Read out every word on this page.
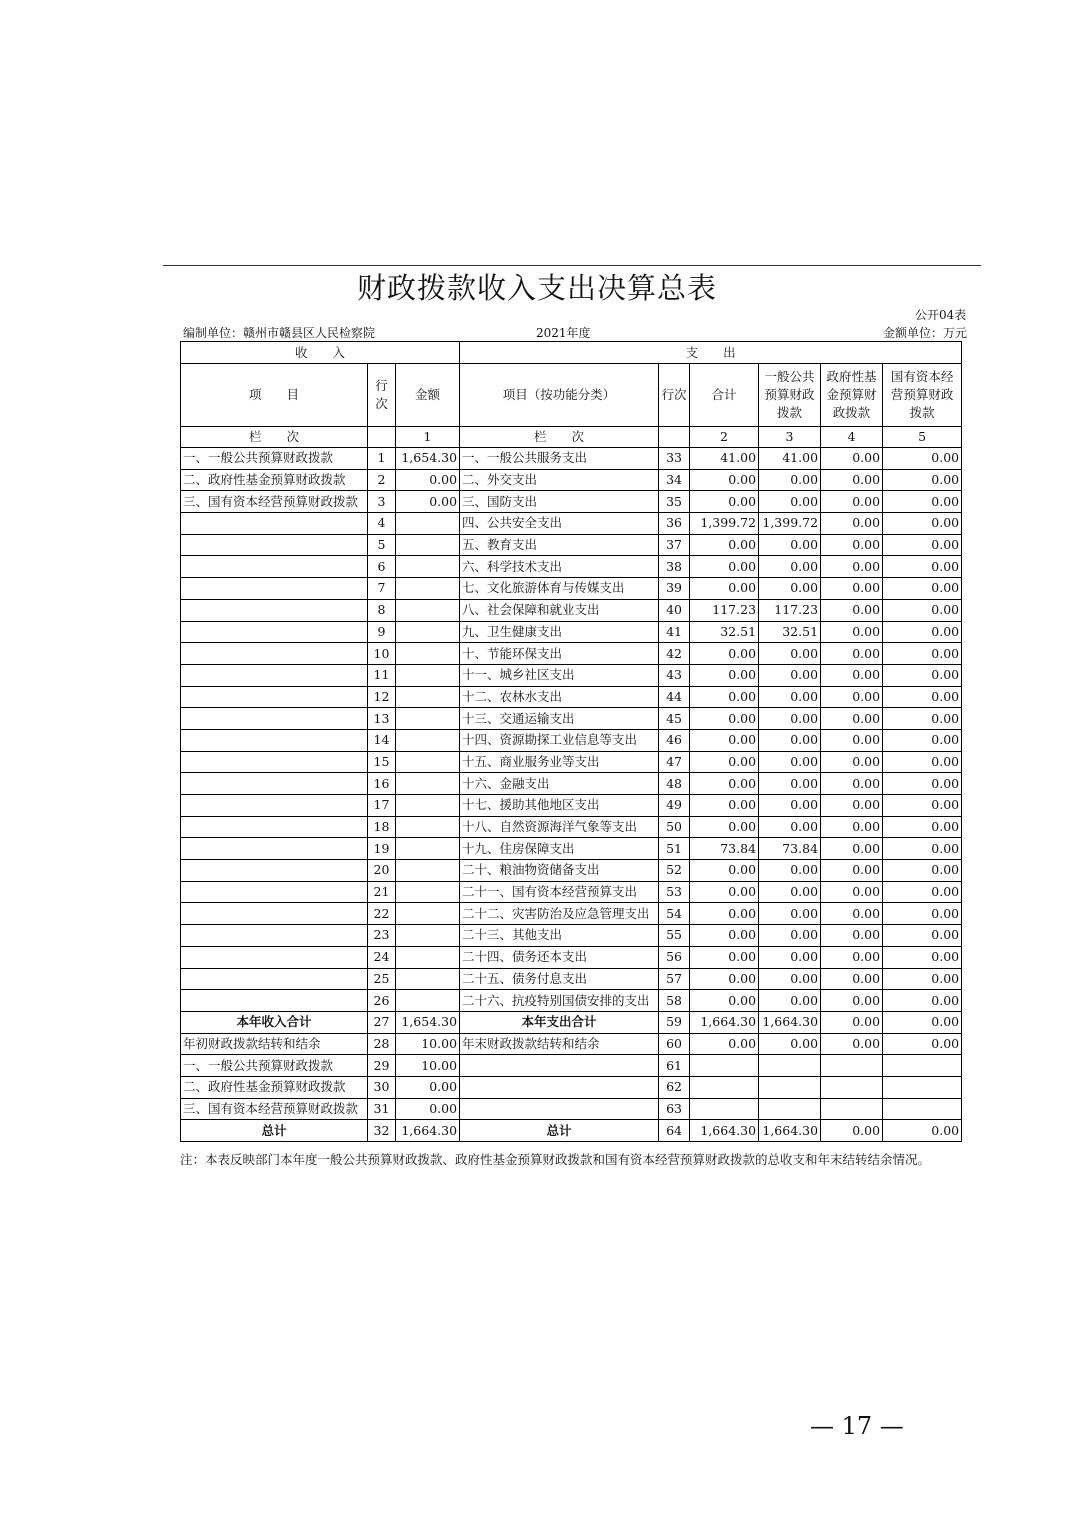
财政拨款收入支出决算总表
公开04表
编制单位：赣州市赣县区人民检察院	2021年度	金额单位：万元
收　　入			支　　出					
项　　目	行次	金额	项目（按功能分类）	行次	合计	一般公共预算财政拨款	政府性基金预算财政拨款	国有资本经营预算财政拨款
栏　　次		1	栏　　次		2	3	4	5
一、一般公共预算财政拨款	1	1,654.30	一、一般公共服务支出	33	41.00	41.00	0.00	0.00
二、政府性基金预算财政拨款	2	0.00	二、外交支出	34	0.00	0.00	0.00	0.00
三、国有资本经营预算财政拨款	3	0.00	三、国防支出	35	0.00	0.00	0.00	0.00
	4		四、公共安全支出	36	1,399.72	1,399.72	0.00	0.00
	5		五、教育支出	37	0.00	0.00	0.00	0.00
	6		六、科学技术支出	38	0.00	0.00	0.00	0.00
	7		七、文化旅游体育与传媒支出	39	0.00	0.00	0.00	0.00
	8		八、社会保障和就业支出	40	117.23	117.23	0.00	0.00
	9		九、卫生健康支出	41	32.51	32.51	0.00	0.00
	10		十、节能环保支出	42	0.00	0.00	0.00	0.00
	11		十一、城乡社区支出	43	0.00	0.00	0.00	0.00
	12		十二、农林水支出	44	0.00	0.00	0.00	0.00
	13		十三、交通运输支出	45	0.00	0.00	0.00	0.00
	14		十四、资源勘探工业信息等支出	46	0.00	0.00	0.00	0.00
	15		十五、商业服务业等支出	47	0.00	0.00	0.00	0.00
	16		十六、金融支出	48	0.00	0.00	0.00	0.00
	17		十七、援助其他地区支出	49	0.00	0.00	0.00	0.00
	18		十八、自然资源海洋气象等支出	50	0.00	0.00	0.00	0.00
	19		十九、住房保障支出	51	73.84	73.84	0.00	0.00
	20		二十、粮油物资储备支出	52	0.00	0.00	0.00	0.00
	21		二十一、国有资本经营预算支出	53	0.00	0.00	0.00	0.00
	22		二十二、灾害防治及应急管理支出	54	0.00	0.00	0.00	0.00
	23		二十三、其他支出	55	0.00	0.00	0.00	0.00
	24		二十四、债务还本支出	56	0.00	0.00	0.00	0.00
	25		二十五、债务付息支出	57	0.00	0.00	0.00	0.00
	26		二十六、抗疫特别国债安排的支出	58	0.00	0.00	0.00	0.00
本年收入合计	27	1,654.30	本年支出合计	59	1,664.30	1,664.30	0.00	0.00
年初财政拨款结转和结余	28	10.00	年末财政拨款结转和结余	60	0.00	0.00	0.00	0.00
一、一般公共预算财政拨款	29	10.00		61				
二、政府性基金预算财政拨款	30	0.00		62				
三、国有资本经营预算财政拨款	31	0.00		63				
总计	32	1,664.30	总计	64	1,664.30	1,664.30	0.00	0.00
注：本表反映部门本年度一般公共预算财政拨款、政府性基金预算财政拨款和国有资本经营预算财政拨款的总收支和年末结转结余情况。
— 17 —
